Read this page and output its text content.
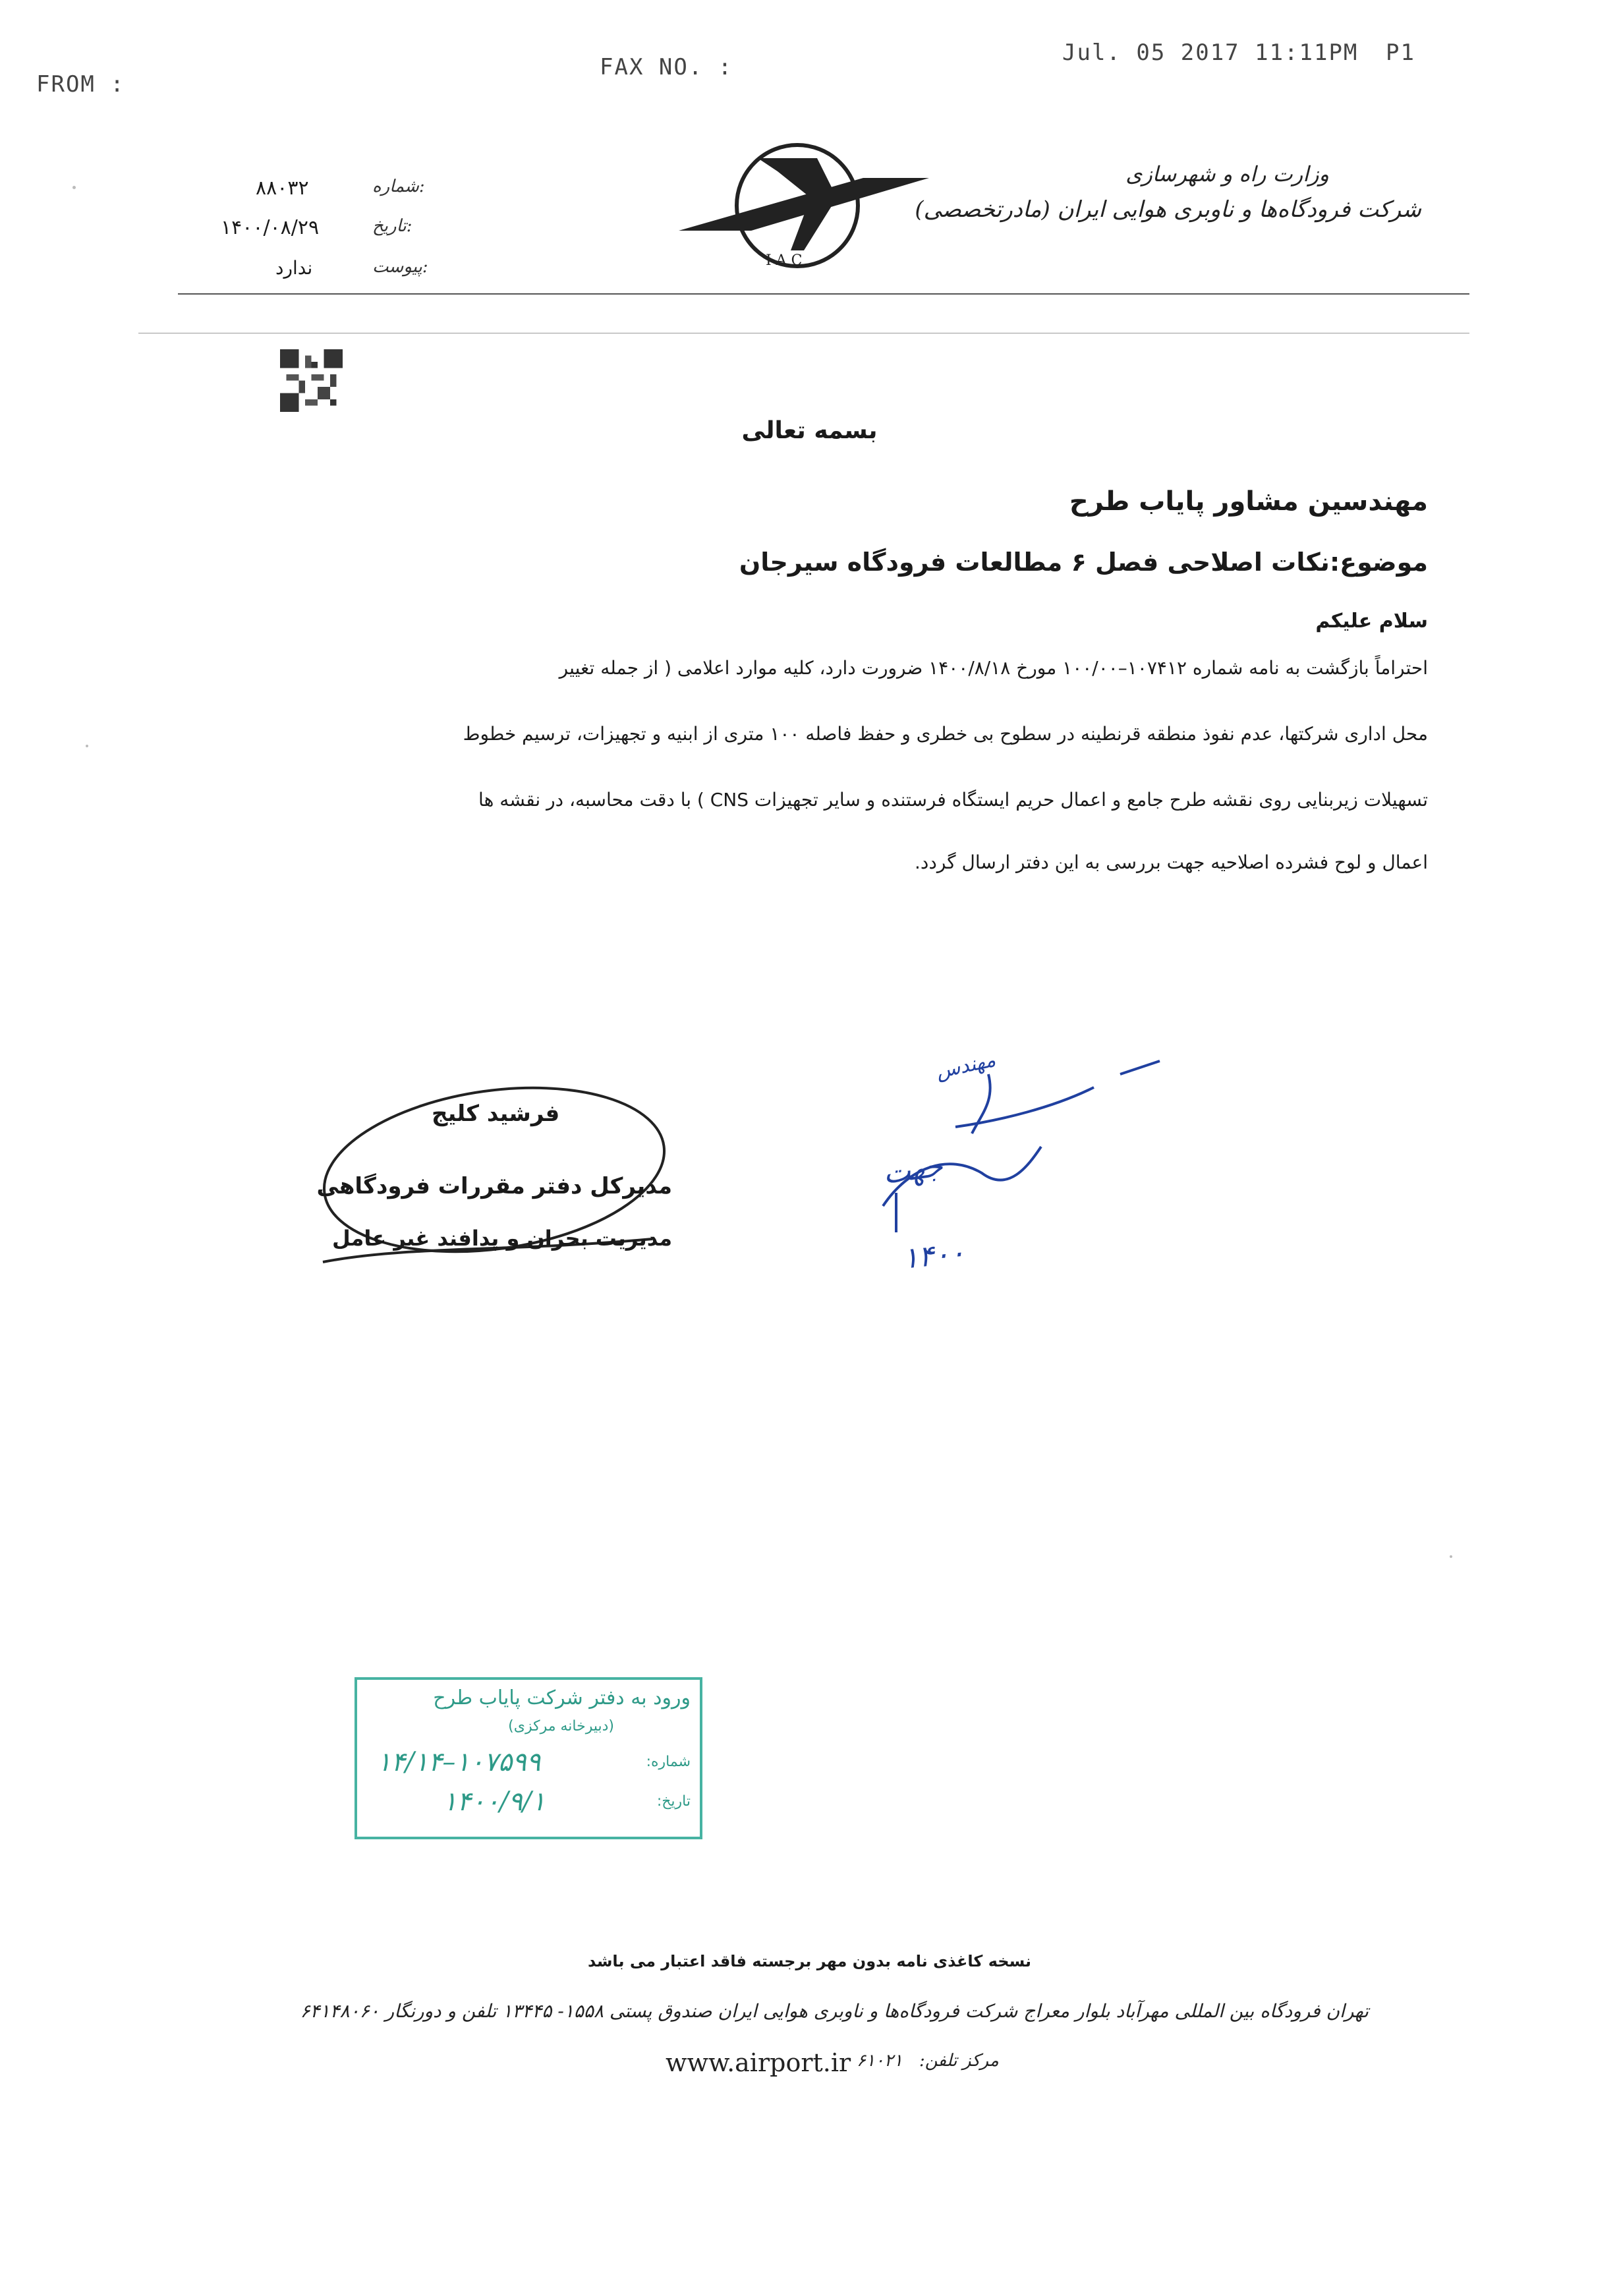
FROM :
FAX NO. :
Jul. 05 2017 11:11PM P1
وزارت راه و شهرسازی
شرکت فرودگاه‌ها و ناوبری هوایی ایران (مادرتخصصی)
I A C
شماره:
۸۸۰۳۲
تاریخ:
۱۴۰۰/۰۸/۲۹
پیوست:
ندارد
بسمه تعالی
مهندسین مشاور پایاب طرح
موضوع:نکات اصلاحی فصل ۶ مطالعات فرودگاه سیرجان
سلام علیکم
احتراماً بازگشت به نامه شماره ۱۰۷۴۱۲–۱۰۰/۰۰ مورخ ۱۴۰۰/۸/۱۸ ضرورت دارد، کلیه موارد اعلامی ( از جمله تغییر
محل اداری شرکتها، عدم نفوذ منطقه قرنطینه در سطوح بی خطری و حفظ فاصله ۱۰۰ متری از ابنیه و تجهیزات، ترسیم خطوط
تسهیلات زیربنایی روی نقشه طرح جامع و اعمال حریم ایستگاه فرستنده و سایر تجهیزات CNS ) با دقت محاسبه، در نقشه ها
اعمال و لوح فشرده اصلاحیه جهت بررسی به این دفتر ارسال گردد.
فرشید کلیج
مدیرکل دفتر مقررات فرودگاهی
مدیریت بحران و پدافند غیر عامل
مهندس
جهت
۱۴۰۰
ورود به دفتر شرکت پایاب طرح
(دبیرخانه مرکزی)
شماره:
۱۴/۱۴–۱۰۷۵۹۹
تاریخ:
۱۴۰۰/۹/۱
نسخه کاغذی نامه بدون مهر برجسته فاقد اعتبار می باشد
تهران فرودگاه بین المللی مهرآباد بلوار معراج شرکت فرودگاه‌ها و ناوبری هوایی ایران صندوق پستی ۱۵۵۸- ۱۳۴۴۵ تلفن و دورنگار ۶۴۱۴۸۰۶۰
مرکز تلفن:
۶۱۰۲۱
www.airport.ir
